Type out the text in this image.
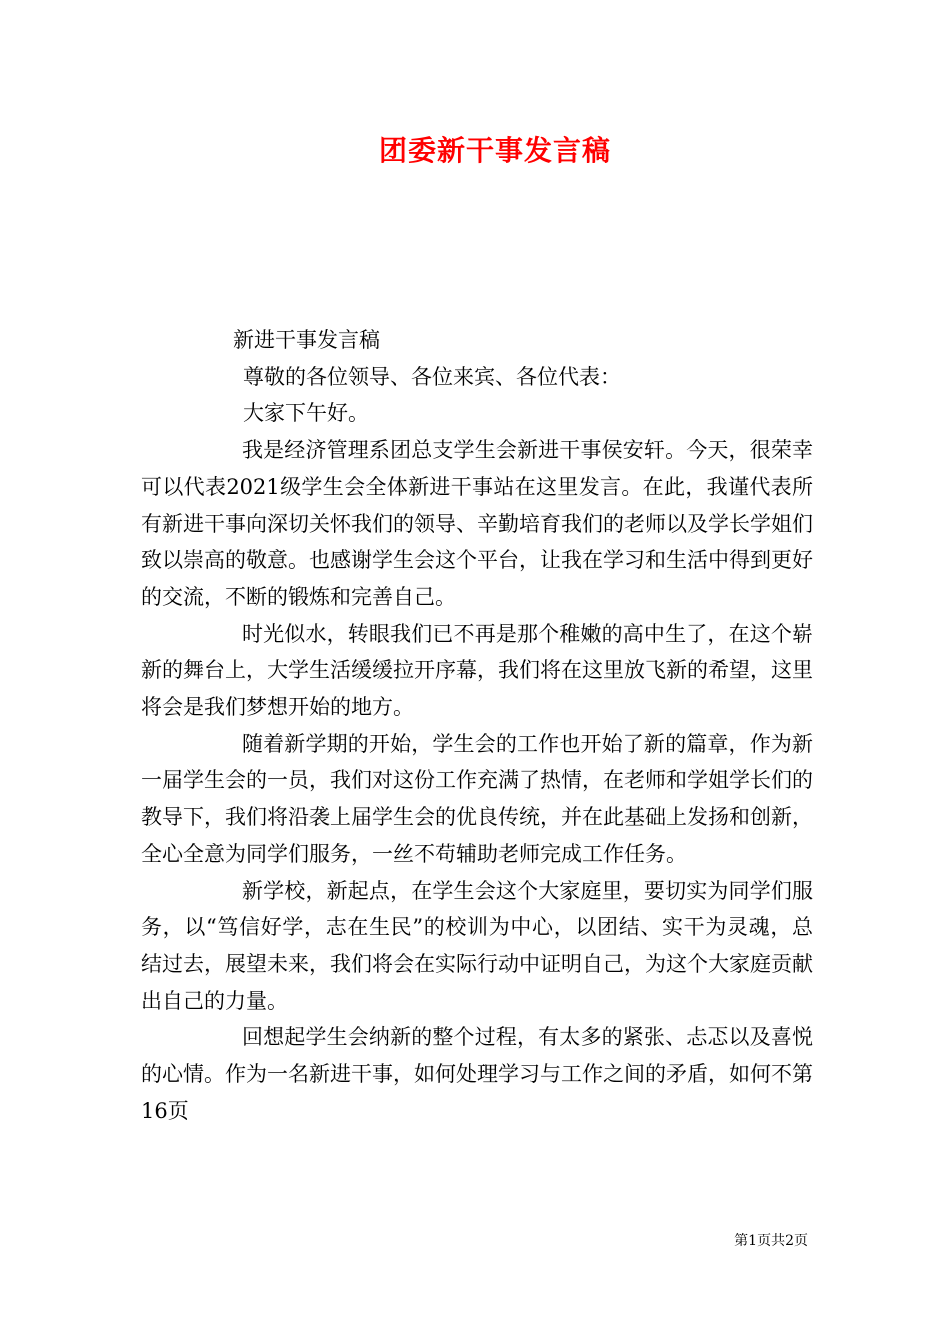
团委新干事发言稿

新进干事发言稿

尊敬的各位领导、各位来宾、各位代表：

大家下午好。

我是经济管理系团总支学生会新进干事侯安轩。今天，很荣幸可以代表2021级学生会全体新进干事站在这里发言。在此，我谨代表所有新进干事向深切关怀我们的领导、辛勤培育我们的老师以及学长学姐们致以崇高的敬意。也感谢学生会这个平台，让我在学习和生活中得到更好的交流，不断的锻炼和完善自己。

时光似水，转眼我们已不再是那个稚嫩的高中生了，在这个崭新的舞台上，大学生活缓缓拉开序幕，我们将在这里放飞新的希望，这里将会是我们梦想开始的地方。

随着新学期的开始，学生会的工作也开始了新的篇章，作为新一届学生会的一员，我们对这份工作充满了热情，在老师和学姐学长们的教导下，我们将沿袭上届学生会的优良传统，并在此基础上发扬和创新，全心全意为同学们服务，一丝不苟辅助老师完成工作任务。

新学校，新起点，在学生会这个大家庭里，要切实为同学们服务，以“笃信好学，志在生民”的校训为中心，以团结、实干为灵魂，总结过去，展望未来，我们将会在实际行动中证明自己，为这个大家庭贡献出自己的力量。

回想起学生会纳新的整个过程，有太多的紧张、忐忑以及喜悦的心情。作为一名新进干事，如何处理学习与工作之间的矛盾，如何不第16页

第1页共2页
